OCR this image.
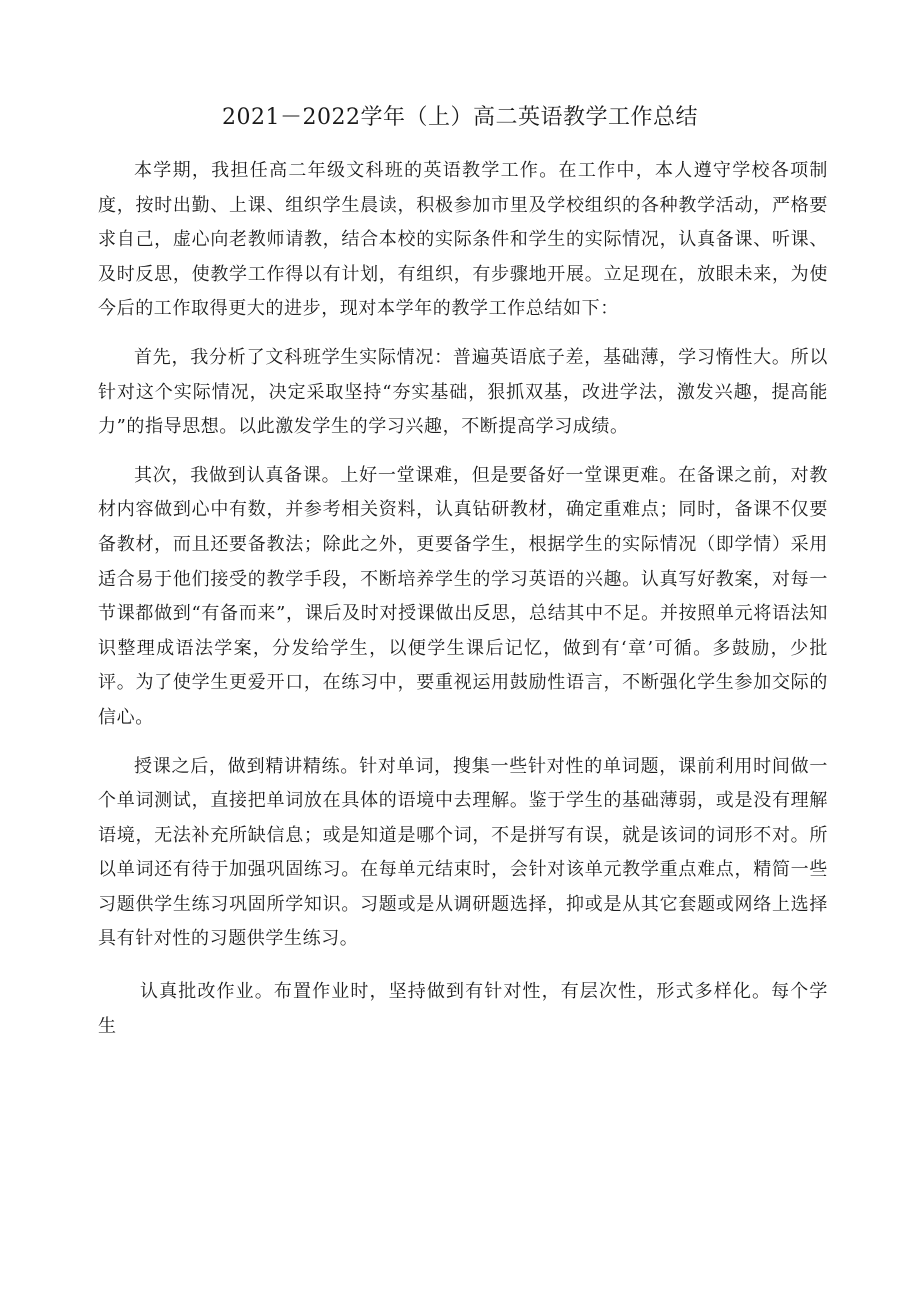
2021－2022学年（上）高二英语教学工作总结

本学期，我担任高二年级文科班的英语教学工作。在工作中，本人遵守学校各项制度，按时出勤、上课、组织学生晨读，积极参加市里及学校组织的各种教学活动，严格要求自己，虚心向老教师请教，结合本校的实际条件和学生的实际情况，认真备课、听课、及时反思，使教学工作得以有计划，有组织，有步骤地开展。立足现在，放眼未来，为使今后的工作取得更大的进步，现对本学年的教学工作总结如下：

首先，我分析了文科班学生实际情况：普遍英语底子差，基础薄，学习惰性大。所以针对这个实际情况，决定采取坚持“夯实基础，狠抓双基，改进学法，激发兴趣，提高能力”的指导思想。以此激发学生的学习兴趣，不断提高学习成绩。

其次，我做到认真备课。上好一堂课难，但是要备好一堂课更难。在备课之前，对教材内容做到心中有数，并参考相关资料，认真钻研教材，确定重难点；同时，备课不仅要备教材，而且还要备教法；除此之外，更要备学生，根据学生的实际情况（即学情）采用适合易于他们接受的教学手段，不断培养学生的学习英语的兴趣。认真写好教案，对每一节课都做到“有备而来”，课后及时对授课做出反思，总结其中不足。并按照单元将语法知识整理成语法学案，分发给学生，以便学生课后记忆，做到有‘章’可循。多鼓励，少批评。为了使学生更爱开口，在练习中，要重视运用鼓励性语言，不断强化学生参加交际的信心。

授课之后，做到精讲精练。针对单词，搜集一些针对性的单词题，课前利用时间做一个单词测试，直接把单词放在具体的语境中去理解。鉴于学生的基础薄弱，或是没有理解语境，无法补充所缺信息；或是知道是哪个词，不是拼写有误，就是该词的词形不对。所以单词还有待于加强巩固练习。在每单元结束时，会针对该单元教学重点难点，精简一些习题供学生练习巩固所学知识。习题或是从调研题选择，抑或是从其它套题或网络上选择具有针对性的习题供学生练习。

认真批改作业。布置作业时，坚持做到有针对性，有层次性，形式多样化。每个学生
